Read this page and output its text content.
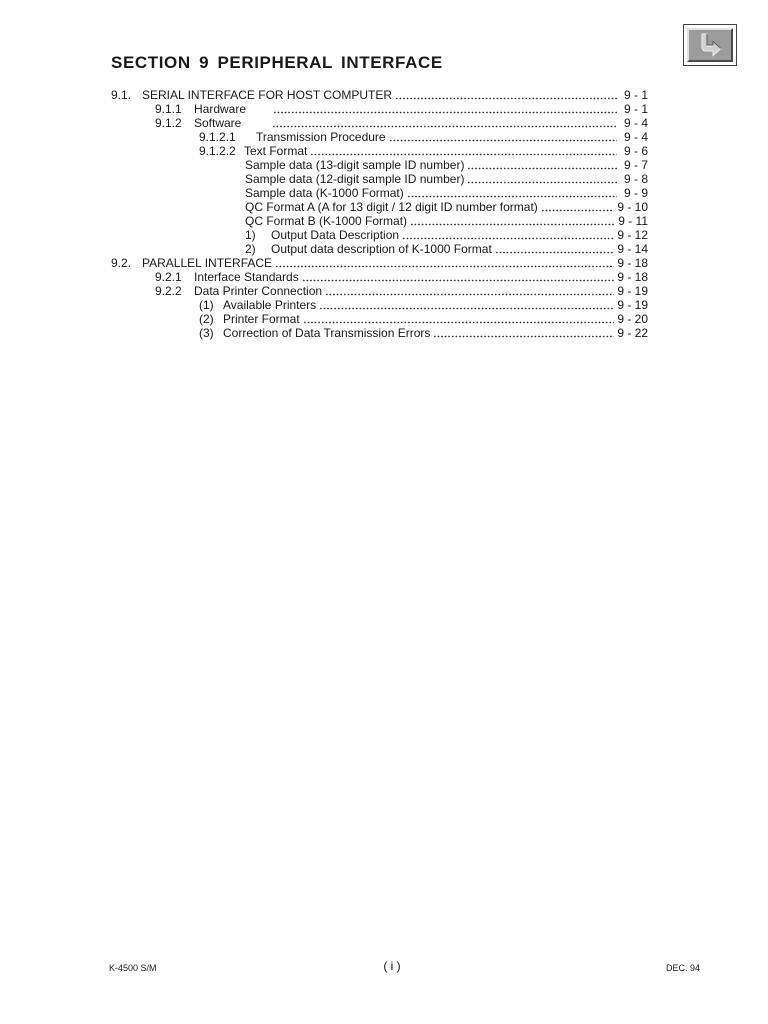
SECTION 9 PERIPHERAL INTERFACE
9.1. SERIAL INTERFACE FOR HOST COMPUTER	9 - 1
9.1.1	Hardware	9 - 1
9.1.2	Software	9 - 4
9.1.2.1	Transmission Procedure	9 - 4
9.1.2.2 Text Format	9 - 6
Sample data (13-digit sample ID number)	9 - 7
Sample data (12-digit sample ID number)	9 - 8
Sample data (K-1000 Format)	9 - 9
QC Format A (A for 13 digit / 12 digit ID number format)	9 - 10
QC Format B (K-1000 Format)	9 - 11
1)	Output Data Description	9 - 12
2)	Output data description of K-1000 Format	9 - 14
9.2. PARALLEL INTERFACE	9 - 18
9.2.1	Interface Standards	9 - 18
9.2.2	Data Printer Connection	9 - 19
(1) Available Printers	9 - 19
(2) Printer Format	9 - 20
(3) Correction of Data Transmission Errors	9 - 22
K-4500 S/M	( i )	DEC. 94
